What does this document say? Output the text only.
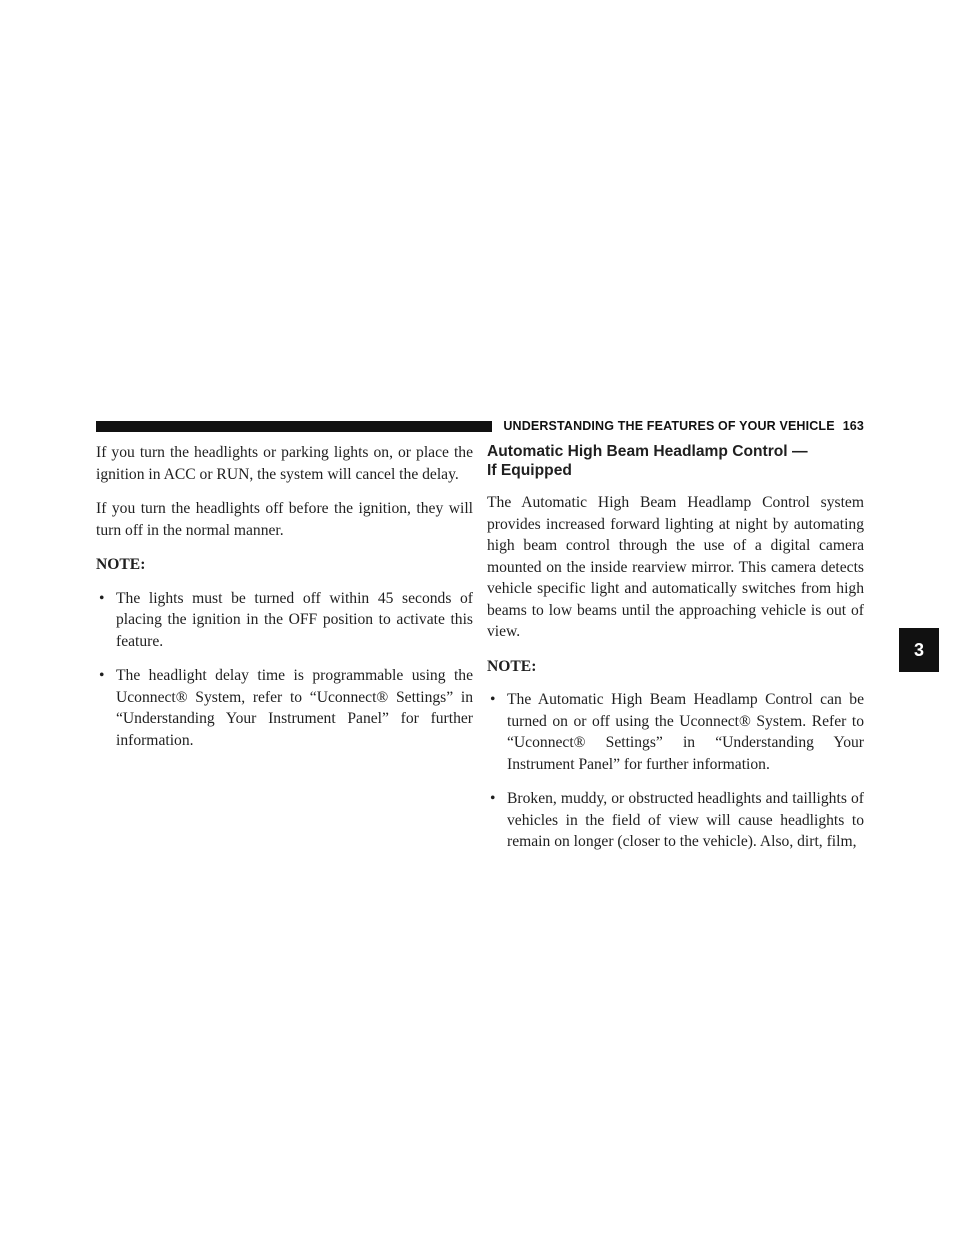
UNDERSTANDING THE FEATURES OF YOUR VEHICLE 163
3

If you turn the headlights or parking lights on, or place the ignition in ACC or RUN, the system will cancel the delay.

If you turn the headlights off before the ignition, they will turn off in the normal manner.

NOTE:

• The lights must be turned off within 45 seconds of placing the ignition in the OFF position to activate this feature.
• The headlight delay time is programmable using the Uconnect® System, refer to “Uconnect® Settings” in “Understanding Your Instrument Panel” for further information.
Automatic High Beam Headlamp Control —
If Equipped

The Automatic High Beam Headlamp Control system provides increased forward lighting at night by automating high beam control through the use of a digital camera mounted on the inside rearview mirror. This camera detects vehicle specific light and automatically switches from high beams to low beams until the approaching vehicle is out of view.

NOTE:

• The Automatic High Beam Headlamp Control can be turned on or off using the Uconnect® System. Refer to “Uconnect® Settings” in “Understanding Your Instrument Panel” for further information.
• Broken, muddy, or obstructed headlights and taillights of vehicles in the field of view will cause headlights to remain on longer (closer to the vehicle). Also, dirt, film,
